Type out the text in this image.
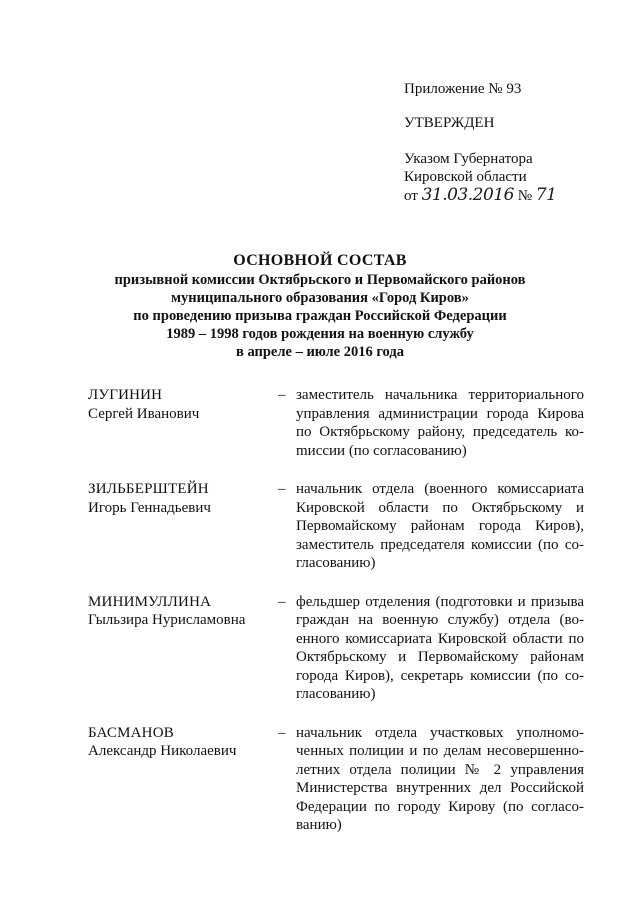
Приложение № 93
УТВЕРЖДЕН
Указом Губернатора
Кировской области
от 31.03.2016 № 71
ОСНОВНОЙ СОСТАВ
призывной комиссии Октябрьского и Первомайского районов
муниципального образования «Город Киров»
по проведению призыва граждан Российской Федерации
1989 – 1998 годов рождения на военную службу
в апреле – июле 2016 года
ЛУГИНИН
Сергей Иванович
– заместитель начальника территориального управления администрации города Кирова по Октябрьскому району, председатель коmиссии (по согласованию)
ЗИЛЬБЕРШТЕЙН
Игорь Геннадьевич
– начальник отдела (военного комиссариата Кировской области по Октябрьскому и Первомайскому районам города Киров), заместитель председателя комиссии (по согласованию)
МИНИМУЛЛИНА
Гыльзира Нурисламовна
– фельдшер отделения (подготовки и призыва граждан на военную службу) отдела (военного комиссариата Кировской области по Октябрьскому и Первомайскому районам города Киров), секретарь комиссии (по согласованию)
БАСМАНОВ
Александр Николаевич
– начальник отдела участковых уполномоченных полиции и по делам несовершеннолетних отдела полиции № 2 управления Министерства внутренних дел Российской Федерации по городу Кирову (по согласованию)
